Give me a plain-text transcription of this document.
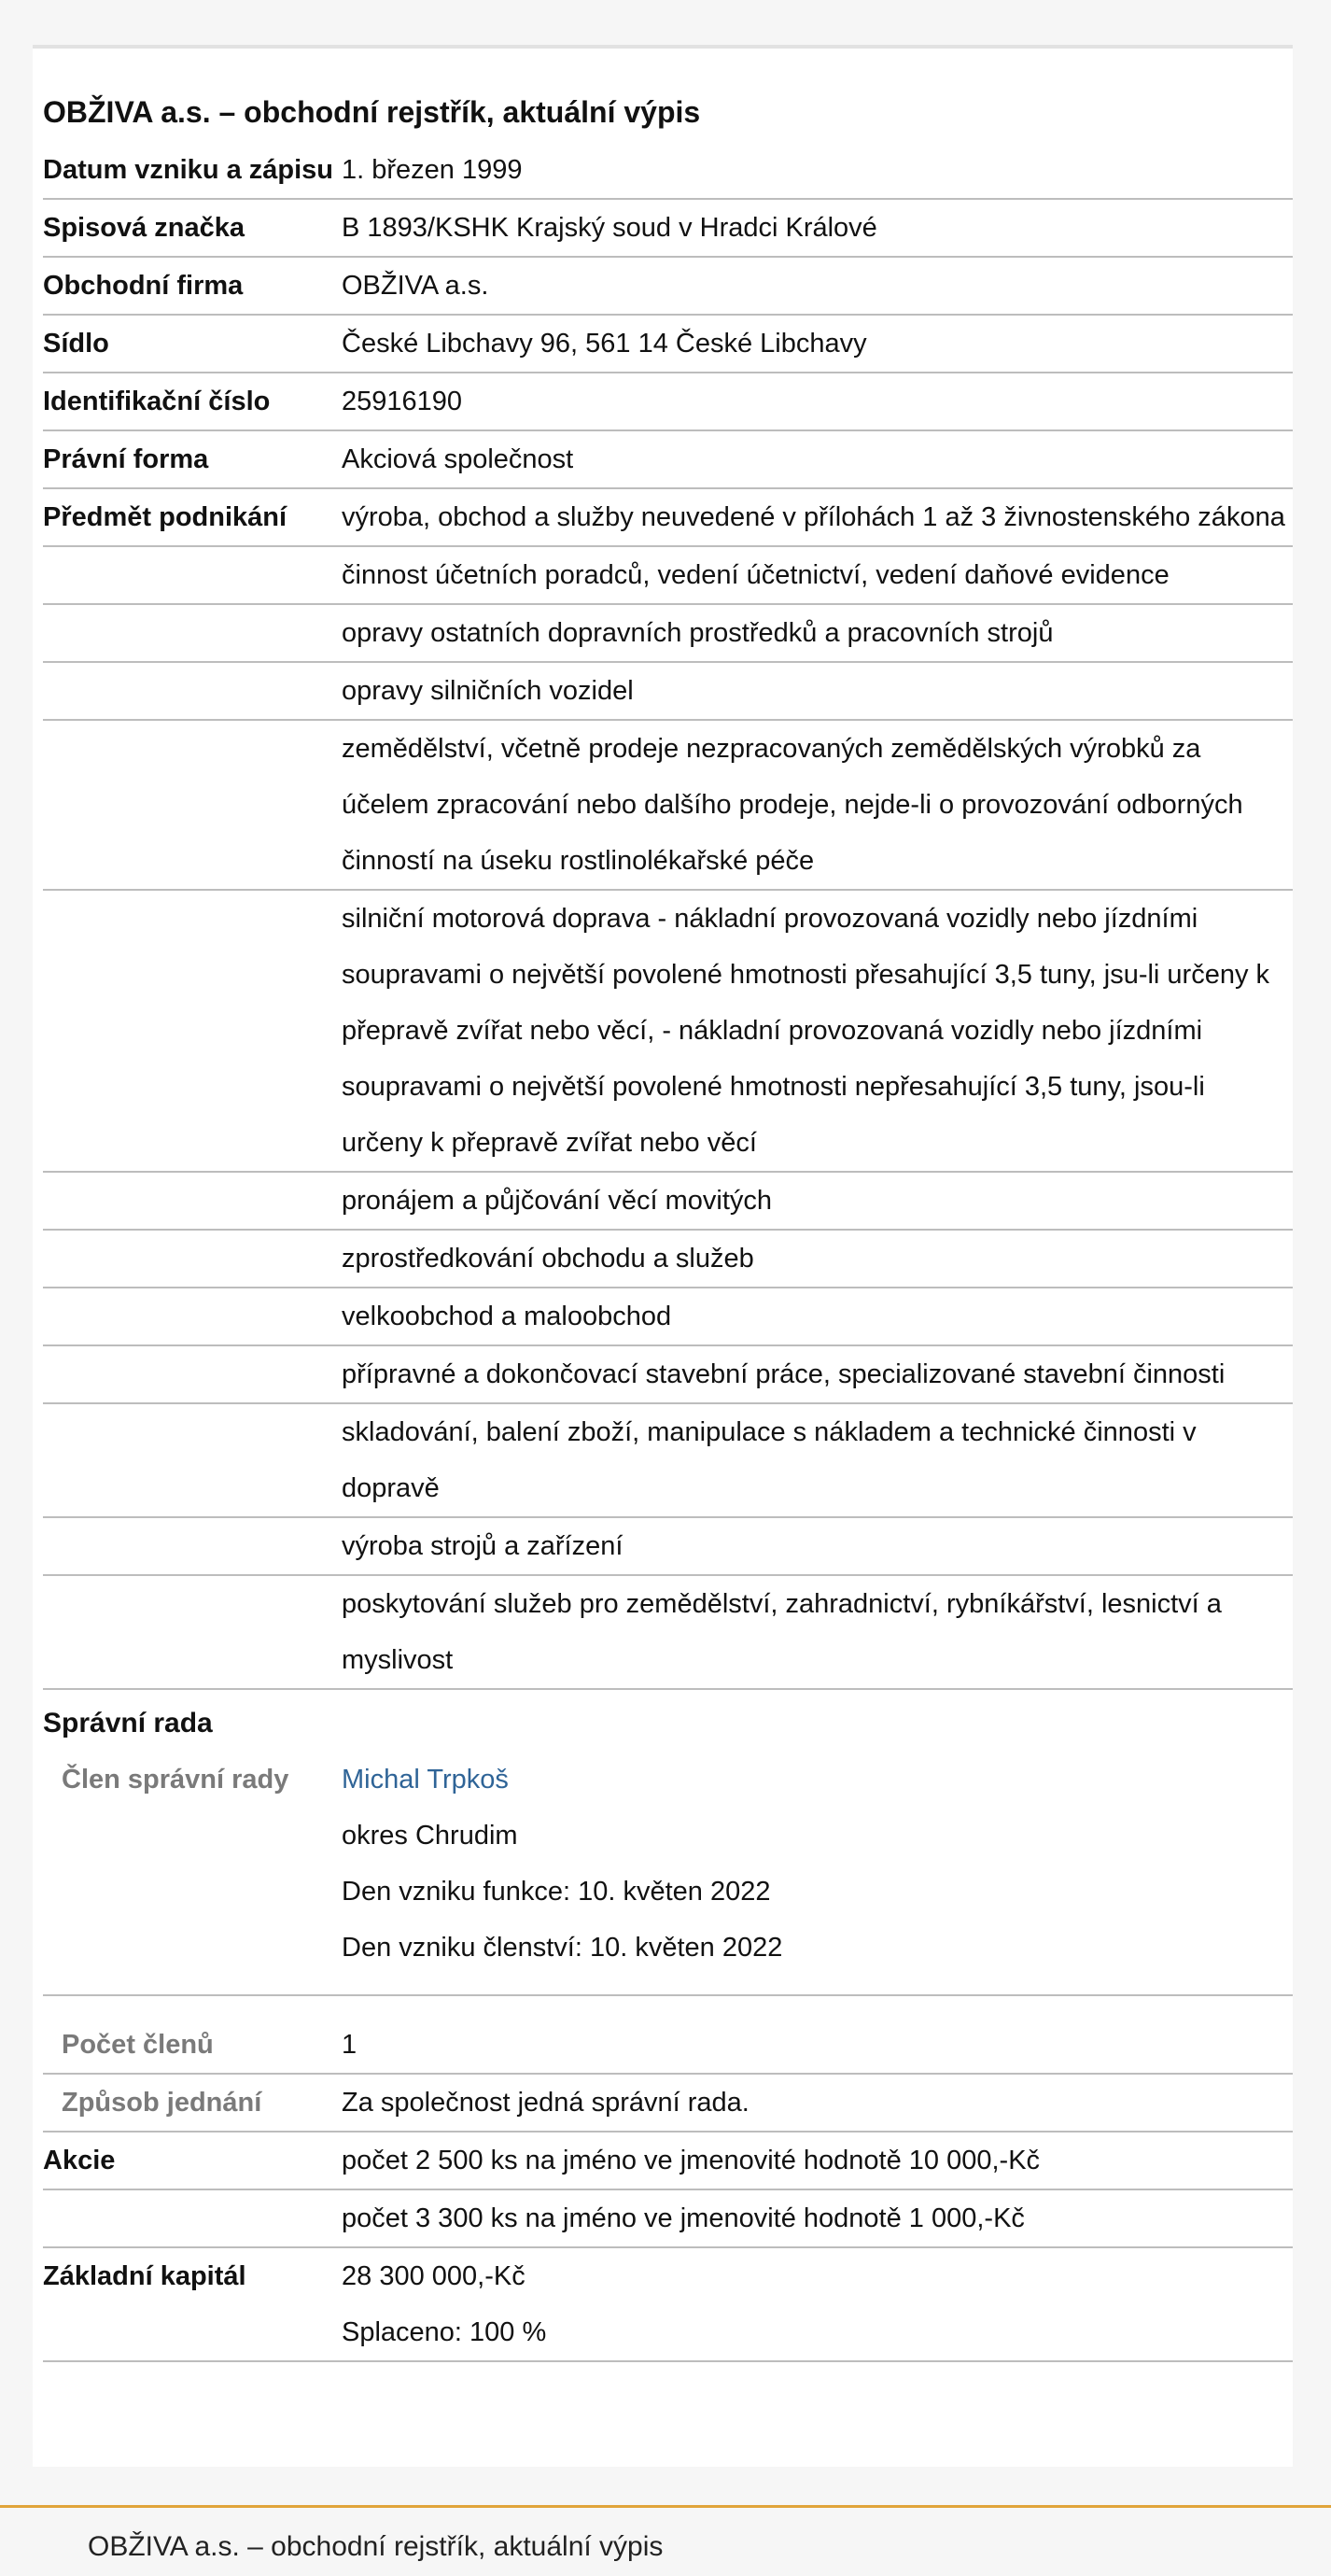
OBŽIVA a.s. – obchodní rejstřík, aktuální výpis
Datum vzniku a zápisu	1. březen 1999
Spisová značka	B 1893/KSHK Krajský soud v Hradci Králové
Obchodní firma	OBŽIVA a.s.
Sídlo	České Libchavy 96, 561 14 České Libchavy
Identifikační číslo	25916190
Právní forma	Akciová společnost
Předmět podnikání	výroba, obchod a služby neuvedené v přílohách 1 až 3 živnostenského zákona
	činnost účetních poradců, vedení účetnictví, vedení daňové evidence
	opravy ostatních dopravních prostředků a pracovních strojů
	opravy silničních vozidel
	zemědělství, včetně prodeje nezpracovaných zemědělských výrobků za účelem zpracování nebo dalšího prodeje, nejde-li o provozování odborných činností na úseku rostlinolékařské péče
	silniční motorová doprava - nákladní provozovaná vozidly nebo jízdními soupravami o největší povolené hmotnosti přesahující 3,5 tuny, jsu-li určeny k přepravě zvířat nebo věcí, - nákladní provozovaná vozidly nebo jízdními soupravami o největší povolené hmotnosti nepřesahující 3,5 tuny, jsou-li určeny k přepravě zvířat nebo věcí
	pronájem a půjčování věcí movitých
	zprostředkování obchodu a služeb
	velkoobchod a maloobchod
	přípravné a dokončovací stavební práce, specializované stavební činnosti
	skladování, balení zboží, manipulace s nákladem a technické činnosti v dopravě
	výroba strojů a zařízení
	poskytování služeb pro zemědělství, zahradnictví, rybníkářství, lesnictví a myslivost
Správní rada	
Člen správní rady	Michal Trpkoš
okres Chrudim
Den vzniku funkce: 10. květen 2022
Den vzniku členství: 10. květen 2022

Počet členů	1
Způsob jednání	Za společnost jedná správní rada.
Akcie	počet 2 500 ks na jméno ve jmenovité hodnotě 10 000,-Kč
	počet 3 300 ks na jméno ve jmenovité hodnotě 1 000,-Kč
Základní kapitál	28 300 000,-Kč
Splaceno: 100 %
OBŽIVA a.s. – obchodní rejstřík, aktuální výpis
